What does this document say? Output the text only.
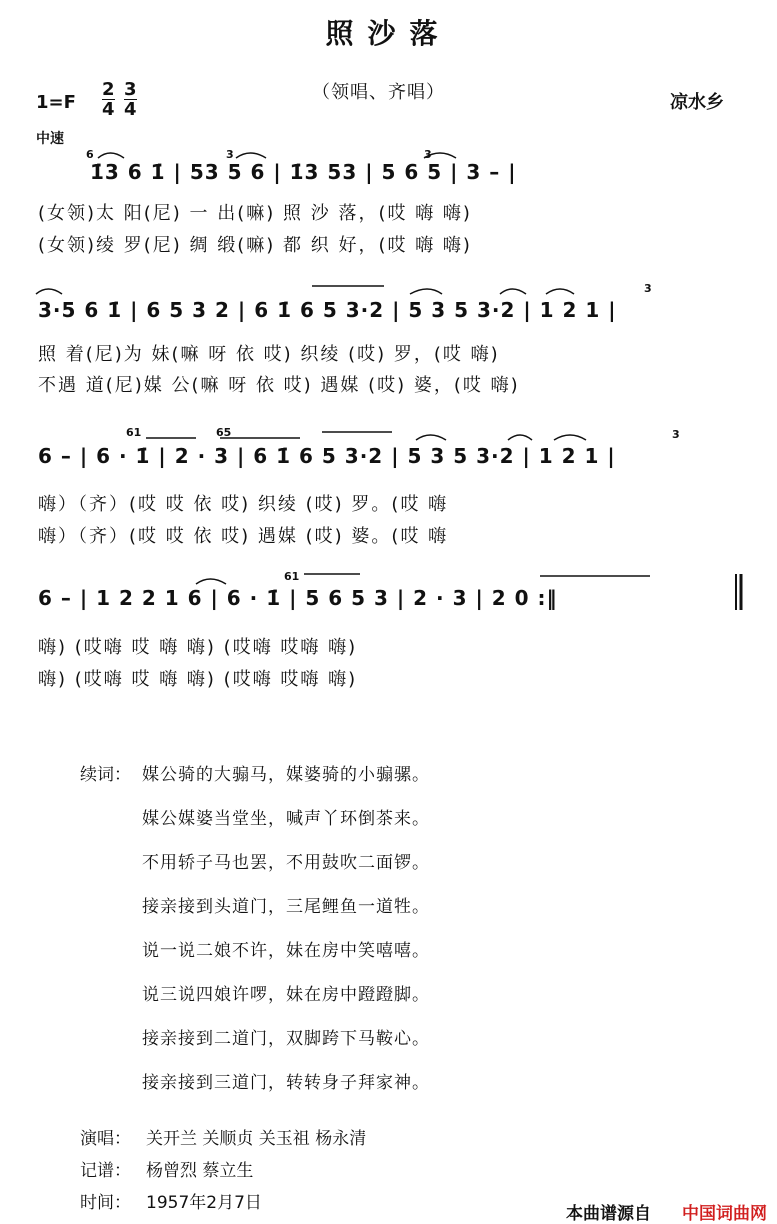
照沙落
$1=F \frac{2}{4} \frac{3}{4}$	（领唱、齐唱）	凉水乡
中速
1̇3 6 1̇ | 53 5 6 | 1̇3 53 | 5 6 5 | 3 – |
6	3	3
(女领)太 阳(尼) 一 出(嘛) 照 沙 落，(哎 嗨 嗨)
(女领)绫 罗(尼) 绸 缎(嘛) 都 织 好，(哎 嗨 嗨)
3·5 6 1̇ | 6 5 3 2 | 6 1̇ 6 5 3·2 | 5 3 5 3·2 | 1 2 1 |
3
照 着(尼)为 妹(嘛 呀 依 哎) 织绫 (哎) 罗，(哎 嗨)
不遇 道(尼)媒 公(嘛 呀 依 哎) 遇媒 (哎) 婆，(哎 嗨)
6 – | 6 · 1̇ | 2 · 3 | 6 1̇ 6 5 3·2 | 5 3 5 3·2 | 1 2 1 |
61	65	3
嗨）（齐）(哎 哎 依 哎) 织绫 (哎) 罗。(哎 嗨
嗨）（齐）(哎 哎 依 哎) 遇媒 (哎) 婆。(哎 嗨
6 – | 1 2 2 1 6 | 6 · 1̇ | 5 6 5 3 | 2 · 3 | 2 0 :‖
61
嗨) (哎嗨 哎 嗨 嗨) (哎嗨 哎嗨 嗨)
嗨) (哎嗨 哎 嗨 嗨) (哎嗨 哎嗨 嗨)
续词： 媒公骑的大骟马，媒婆骑的小骟骡。
媒公媒婆当堂坐，喊声丫环倒茶来。
不用轿子马也罢，不用鼓吹二面锣。
接亲接到头道门，三尾鲤鱼一道牲。
说一说二娘不许，妹在房中笑嘻嘻。
说三说四娘许啰，妹在房中蹬蹬脚。
接亲接到二道门，双脚跨下马鞍心。
接亲接到三道门，转转身子拜家神。
演唱： 关开兰 关顺贞 关玉祖 杨永清
记谱： 杨曾烈 蔡立生
时间： 1957年2月7日
本曲谱源自 中国词曲网
